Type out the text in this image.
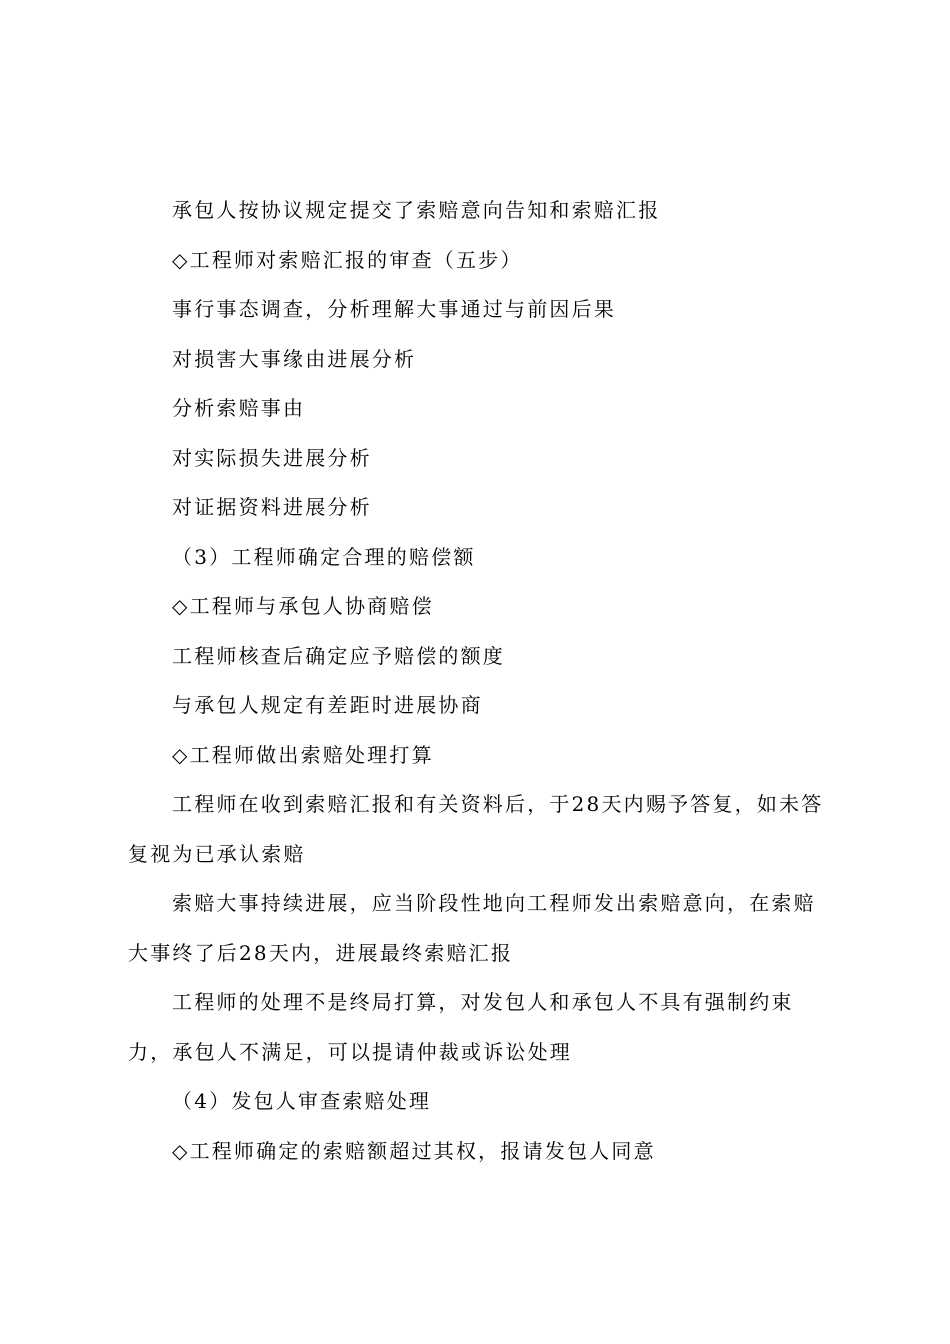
承包人按协议规定提交了索赔意向告知和索赔汇报

◇工程师对索赔汇报的审查（五步）

事行事态调查，分析理解大事通过与前因后果

对损害大事缘由进展分析

分析索赔事由

对实际损失进展分析

对证据资料进展分析

（3）工程师确定合理的赔偿额

◇工程师与承包人协商赔偿

工程师核查后确定应予赔偿的额度

与承包人规定有差距时进展协商

◇工程师做出索赔处理打算

工程师在收到索赔汇报和有关资料后，于28天内赐予答复，如未答复视为已承认索赔

索赔大事持续进展，应当阶段性地向工程师发出索赔意向，在索赔大事终了后28天内，进展最终索赔汇报

工程师的处理不是终局打算，对发包人和承包人不具有强制约束力，承包人不满足，可以提请仲裁或诉讼处理

（4）发包人审查索赔处理

◇工程师确定的索赔额超过其权，报请发包人同意
